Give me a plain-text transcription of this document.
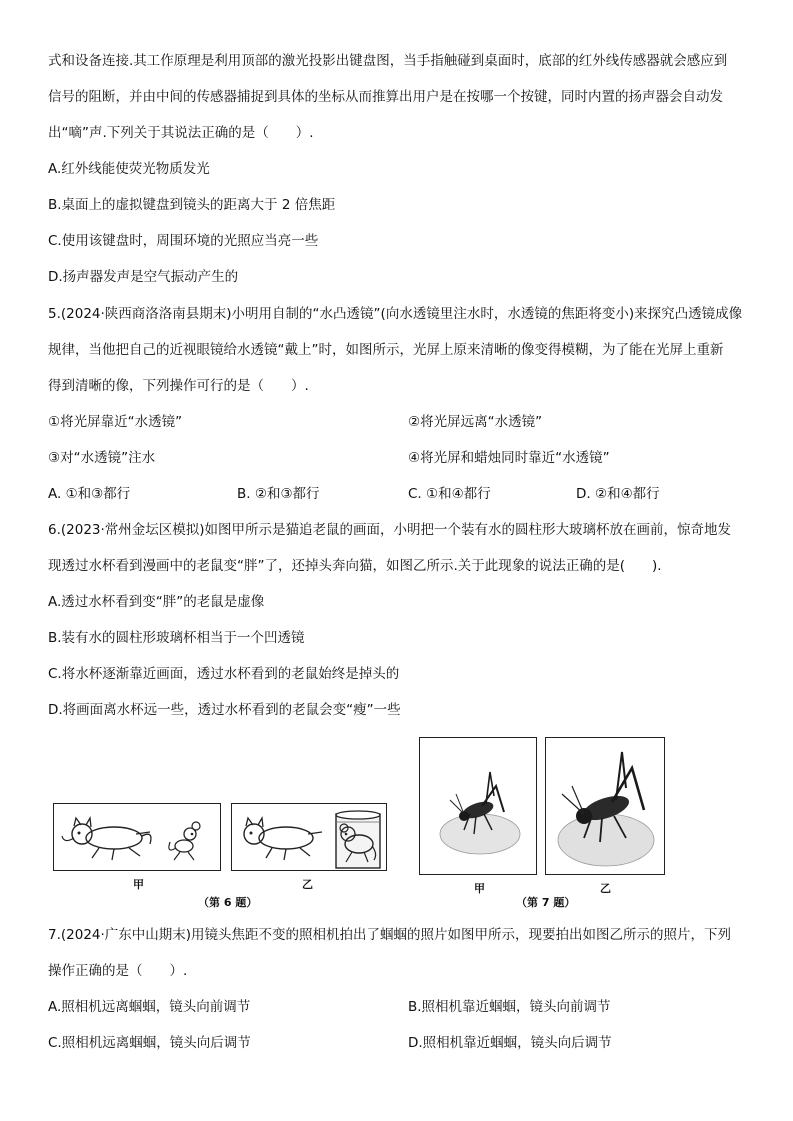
式和设备连接.其工作原理是利用顶部的激光投影出键盘图，当手指触碰到桌面时，底部的红外线传感器就会感应到
信号的阻断，并由中间的传感器捕捉到具体的坐标从而推算出用户是在按哪一个按键，同时内置的扬声器会自动发
出“嘀”声.下列关于其说法正确的是（　　）.
A.红外线能使荧光物质发光
B.桌面上的虚拟键盘到镜头的距离大于 2 倍焦距
C.使用该键盘时，周围环境的光照应当亮一些
D.扬声器发声是空气振动产生的
5.(2024·陕西商洛洛南县期末)小明用自制的“水凸透镜”(向水透镜里注水时，水透镜的焦距将变小)来探究凸透镜成像
规律，当他把自己的近视眼镜给水透镜“戴上”时，如图所示，光屏上原来清晰的像变得模糊，为了能在光屏上重新
得到清晰的像，下列操作可行的是（　　）.
①将光屏靠近“水透镜”	②将光屏远离“水透镜”
③对“水透镜”注水	④将光屏和蜡烛同时靠近“水透镜”
A. ①和③都行	B. ②和③都行	C. ①和④都行	D. ②和④都行
6.(2023·常州金坛区模拟)如图甲所示是猫追老鼠的画面，小明把一个装有水的圆柱形大玻璃杯放在画前，惊奇地发
现透过水杯看到漫画中的老鼠变“胖”了，还掉头奔向猫，如图乙所示.关于此现象的说法正确的是(　　).
A.透过水杯看到变“胖”的老鼠是虚像
B.装有水的圆柱形玻璃杯相当于一个凹透镜
C.将水杯逐渐靠近画面，透过水杯看到的老鼠始终是掉头的
D.将画面离水杯远一些，透过水杯看到的老鼠会变“瘦”一些
甲	乙
（第 6 题）
甲	乙
（第 7 题）
7.(2024·广东中山期末)用镜头焦距不变的照相机拍出了蝈蝈的照片如图甲所示，现要拍出如图乙所示的照片，下列
操作正确的是（　　）.
A.照相机远离蝈蝈，镜头向前调节	B.照相机靠近蝈蝈，镜头向前调节
C.照相机远离蝈蝈，镜头向后调节	D.照相机靠近蝈蝈，镜头向后调节
